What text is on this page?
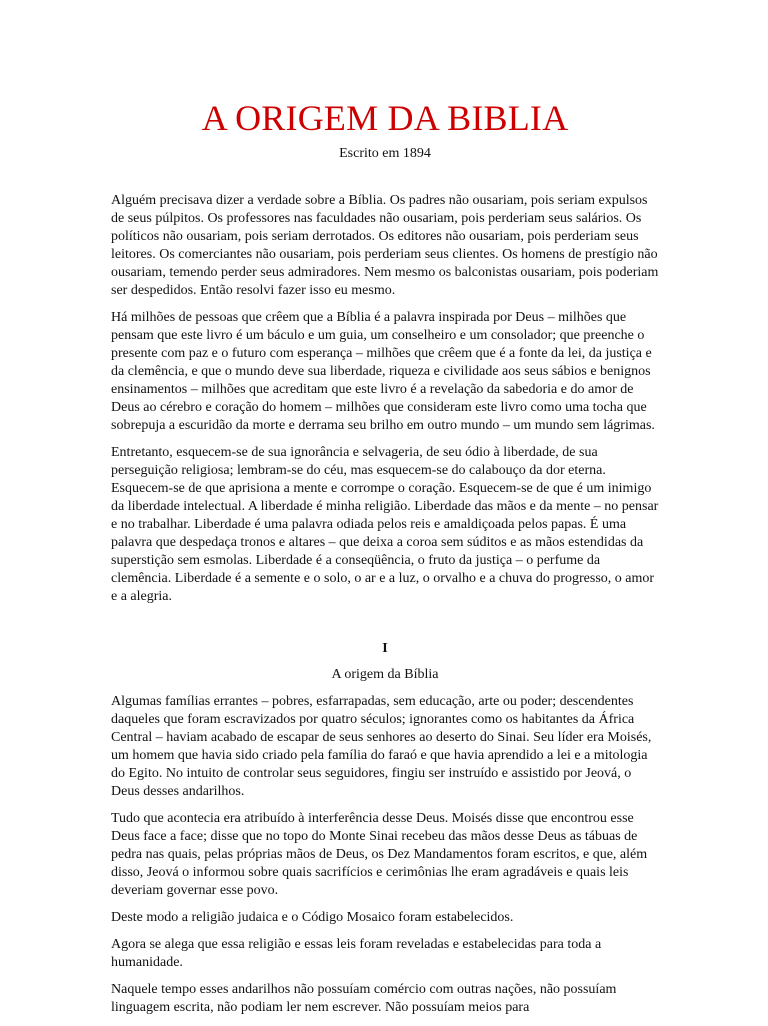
A ORIGEM DA BIBLIA
Escrito em 1894

Alguém precisava dizer a verdade sobre a Bíblia. Os padres não ousariam, pois seriam expulsos de seus púlpitos. Os professores nas faculdades não ousariam, pois perderiam seus salários. Os políticos não ousariam, pois seriam derrotados. Os editores não ousariam, pois perderiam seus leitores. Os comerciantes não ousariam, pois perderiam seus clientes. Os homens de prestígio não ousariam, temendo perder seus admiradores. Nem mesmo os balconistas ousariam, pois poderiam ser despedidos. Então resolvi fazer isso eu mesmo.

Há milhões de pessoas que crêem que a Bíblia é a palavra inspirada por Deus – milhões que pensam que este livro é um báculo e um guia, um conselheiro e um consolador; que preenche o presente com paz e o futuro com esperança – milhões que crêem que é a fonte da lei, da justiça e da clemência, e que o mundo deve sua liberdade, riqueza e civilidade aos seus sábios e benignos ensinamentos – milhões que acreditam que este livro é a revelação da sabedoria e do amor de Deus ao cérebro e coração do homem – milhões que consideram este livro como uma tocha que sobrepuja a escuridão da morte e derrama seu brilho em outro mundo – um mundo sem lágrimas.

Entretanto, esquecem-se de sua ignorância e selvageria, de seu ódio à liberdade, de sua perseguição religiosa; lembram-se do céu, mas esquecem-se do calabouço da dor eterna. Esquecem-se de que aprisiona a mente e corrompe o coração. Esquecem-se de que é um inimigo da liberdade intelectual. A liberdade é minha religião. Liberdade das mãos e da mente – no pensar e no trabalhar. Liberdade é uma palavra odiada pelos reis e amaldiçoada pelos papas. É uma palavra que despedaça tronos e altares – que deixa a coroa sem súditos e as mãos estendidas da superstição sem esmolas. Liberdade é a conseqüência, o fruto da justiça – o perfume da clemência. Liberdade é a semente e o solo, o ar e a luz, o orvalho e a chuva do progresso, o amor e a alegria.

I
A origem da Bíblia

Algumas famílias errantes – pobres, esfarrapadas, sem educação, arte ou poder; descendentes daqueles que foram escravizados por quatro séculos; ignorantes como os habitantes da África Central – haviam acabado de escapar de seus senhores ao deserto do Sinai. Seu líder era Moisés, um homem que havia sido criado pela família do faraó e que havia aprendido a lei e a mitologia do Egito. No intuito de controlar seus seguidores, fingiu ser instruído e assistido por Jeová, o Deus desses andarilhos.

Tudo que acontecia era atribuído à interferência desse Deus. Moisés disse que encontrou esse Deus face a face; disse que no topo do Monte Sinai recebeu das mãos desse Deus as tábuas de pedra nas quais, pelas próprias mãos de Deus, os Dez Mandamentos foram escritos, e que, além disso, Jeová o informou sobre quais sacrifícios e cerimônias lhe eram agradáveis e quais leis deveriam governar esse povo.

Deste modo a religião judaica e o Código Mosaico foram estabelecidos.

Agora se alega que essa religião e essas leis foram reveladas e estabelecidas para toda a humanidade.

Naquele tempo esses andarilhos não possuíam comércio com outras nações, não possuíam linguagem escrita, não podiam ler nem escrever. Não possuíam meios para
